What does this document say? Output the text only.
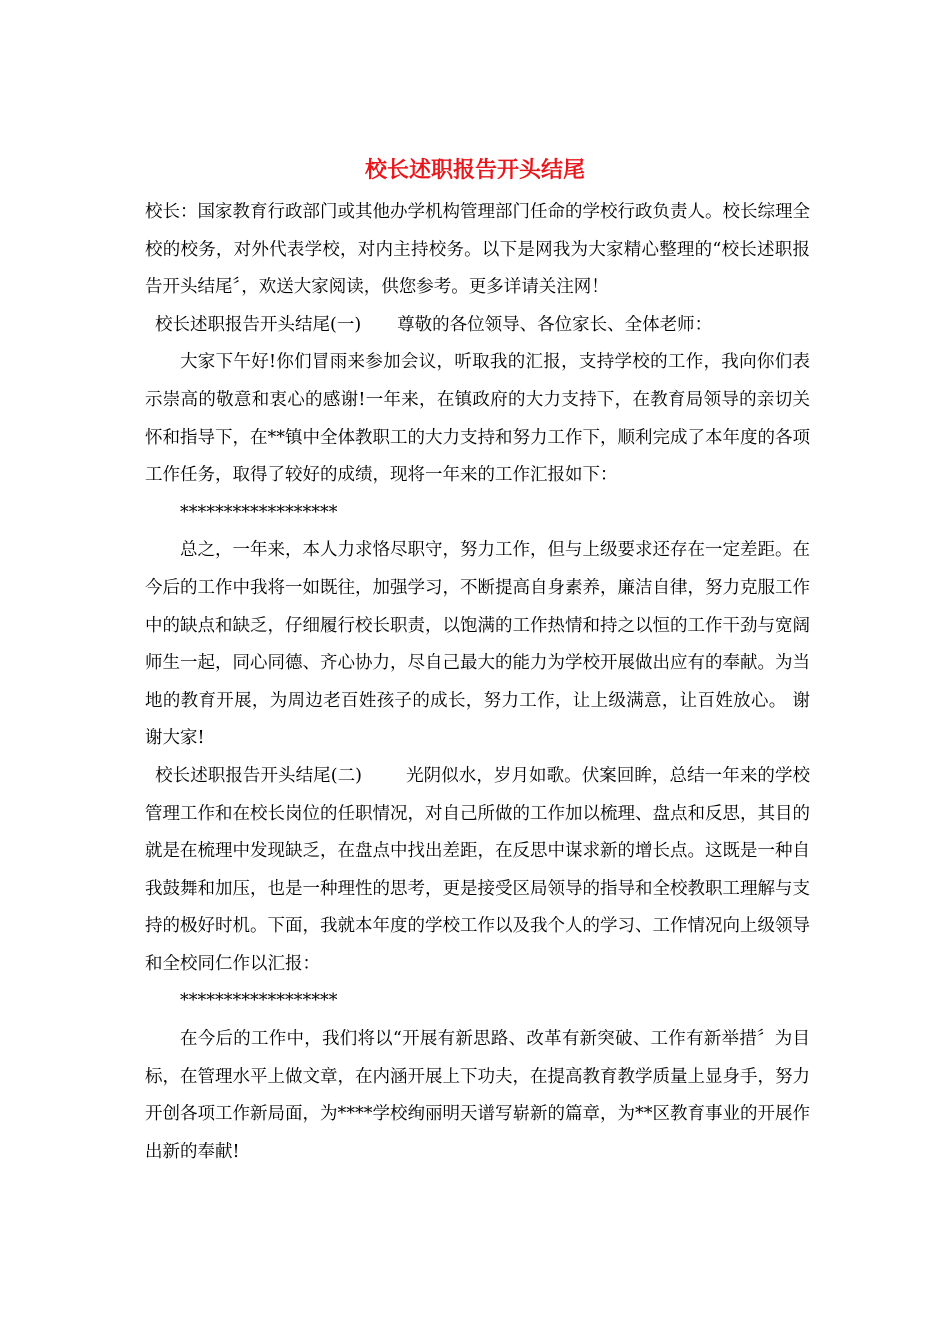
校长述职报告开头结尾

校长：国家教育行政部门或其他办学机构管理部门任命的学校行政负责人。校长综理全校的校务，对外代表学校，对内主持校务。以下是网我为大家精心整理的“校长述职报告开头结尾〞，欢送大家阅读，供您参考。更多详请关注网！

校长述职报告开头结尾(一) 尊敬的各位领导、各位家长、全体老师：

大家下午好!你们冒雨来参加会议，听取我的汇报，支持学校的工作，我向你们表示崇高的敬意和衷心的感谢!一年来，在镇政府的大力支持下，在教育局领导的亲切关怀和指导下，在**镇中全体教职工的大力支持和努力工作下，顺利完成了本年度的各项工作任务，取得了较好的成绩，现将一年来的工作汇报如下：

******************

总之，一年来，本人力求恪尽职守，努力工作，但与上级要求还存在一定差距。在今后的工作中我将一如既往，加强学习，不断提高自身素养，廉洁自律，努力克服工作中的缺点和缺乏，仔细履行校长职责，以饱满的工作热情和持之以恒的工作干劲与宽阔师生一起，同心同德、齐心协力，尽自己最大的能力为学校开展做出应有的奉献。为当地的教育开展，为周边老百姓孩子的成长，努力工作，让上级满意，让百姓放心。 谢谢大家!

校长述职报告开头结尾(二)	光阴似水，岁月如歌。伏案回眸，总结一年来的学校管理工作和在校长岗位的任职情况，对自己所做的工作加以梳理、盘点和反思，其目的就是在梳理中发现缺乏，在盘点中找出差距，在反思中谋求新的增长点。这既是一种自我鼓舞和加压，也是一种理性的思考，更是接受区局领导的指导和全校教职工理解与支持的极好时机。下面，我就本年度的学校工作以及我个人的学习、工作情况向上级领导和全校同仁作以汇报：

******************

在今后的工作中，我们将以“开展有新思路、改革有新突破、工作有新举措〞为目标，在管理水平上做文章，在内涵开展上下功夫，在提高教育教学质量上显身手，努力开创各项工作新局面，为****学校绚丽明天谱写崭新的篇章，为**区教育事业的开展作出新的奉献!
